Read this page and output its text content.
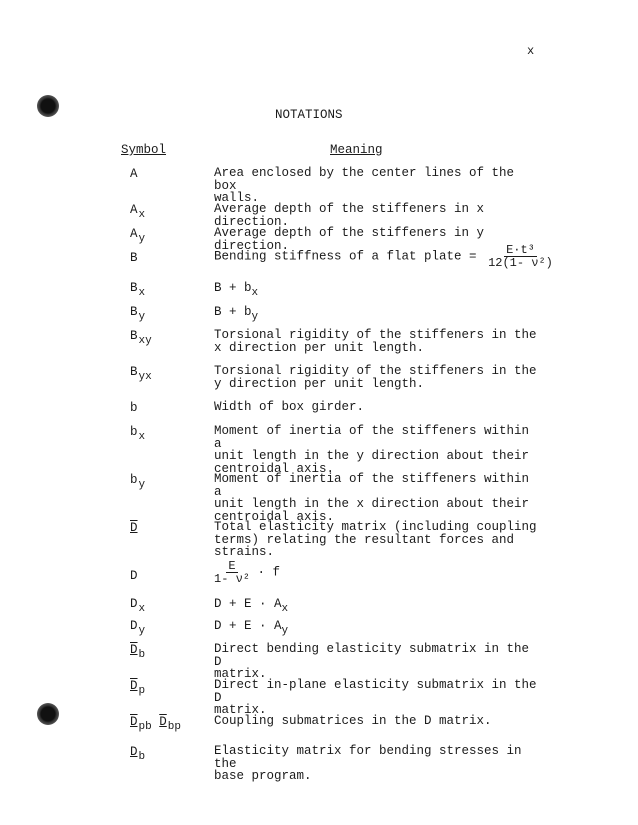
x
NOTATIONS
Symbol	Meaning
A	Area enclosed by the center lines of the box
walls.
$A_x$	Average depth of the stiffeners in x direction.
$A_y$	Average depth of the stiffeners in y direction.
B	Bending stiffness of a flat plate = $\frac{\text{E·t³}}{\text{12(1- ν²)}}$
$B_x$	$B + b_x$
$B_y$	$B + b_y$
$B_{xy}$	Torsional rigidity of the stiffeners in the
x direction per unit length.
$B_{yx}$	Torsional rigidity of the stiffeners in the
y direction per unit length.
b	Width of box girder.
$b_x$	Moment of inertia of the stiffeners within a
unit length in the y direction about their
centroidal axis.
$b_y$	Moment of inertia of the stiffeners within a
unit length in the x direction about their
centroidal axis.
D	Total elasticity matrix (including coupling
terms) relating the resultant forces and
strains.
D	$\frac{E}{\text{1- ν²}} \cdot f$
$D_x$	$D + E \cdot A_x$
$D_y$	$D + E \cdot A_y$
$D_b$	Direct bending elasticity submatrix in the D
matrix.
$D_p$	Direct in-plane elasticity submatrix in the D
matrix.
$D_{pb}$ $D_{bp}$	Coupling submatrices in the D matrix.
$D_b$	Elasticity matrix for bending stresses in the
base program.
